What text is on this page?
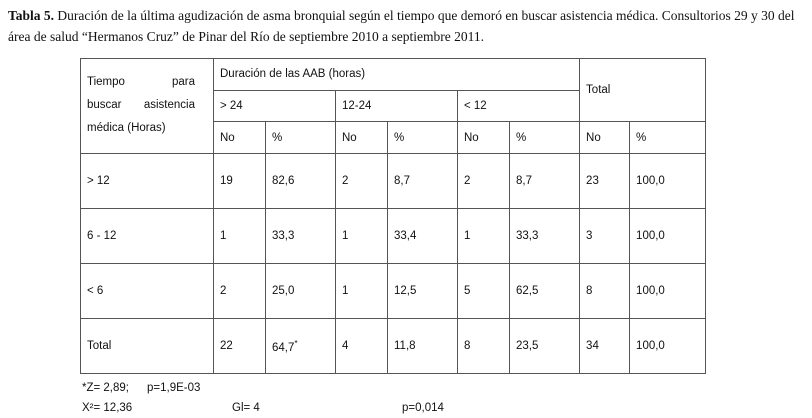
Tabla 5. Duración de la última agudización de asma bronquial según el tiempo que demoró en buscar asistencia médica. Consultorios 29 y 30 del área de salud “Hermanos Cruz” de Pinar del Río de septiembre 2010 a septiembre 2011.

Tiempo para
buscar asistencia
médica (Horas)	Duración de las AAB (horas)						Total	
	> 24		12-24		< 12			
	No	%	No	%	No	%	No	%
> 12	19	82,6	2	8,7	2	8,7	23	100,0
6 - 12	1	33,3	1	33,4	1	33,3	3	100,0
< 6	2	25,0	1	12,5	5	62,5	8	100,0
Total	22	64,7*	4	11,8	8	23,5	34	100,0
*Z= 2,89; p=1,9E-03
X²= 12,36	Gl= 4	p=0,014
